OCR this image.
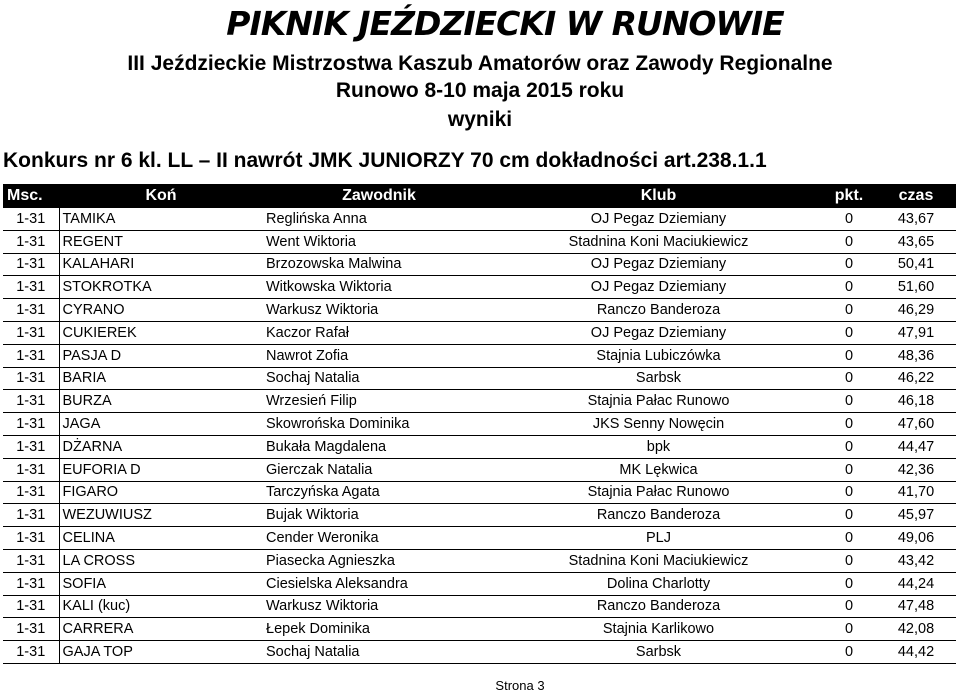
PIKNIK JEŹDZIECKI W RUNOWIE
III Jeździeckie Mistrzostwa Kaszub Amatorów oraz Zawody Regionalne
Runowo 8-10 maja 2015 roku
wyniki
Konkurs nr 6 kl. LL – II nawrót JMK JUNIORZY 70 cm dokładności art.238.1.1
Msc.	Koń	Zawodnik	Klub	pkt.	czas
1-31	TAMIKA	Reglińska Anna	OJ Pegaz Dziemiany	0	43,67
1-31	REGENT	Went Wiktoria	Stadnina Koni Maciukiewicz	0	43,65
1-31	KALAHARI	Brzozowska Malwina	OJ Pegaz Dziemiany	0	50,41
1-31	STOKROTKA	Witkowska Wiktoria	OJ Pegaz Dziemiany	0	51,60
1-31	CYRANO	Warkusz Wiktoria	Ranczo Banderoza	0	46,29
1-31	CUKIEREK	Kaczor Rafał	OJ Pegaz Dziemiany	0	47,91
1-31	PASJA D	Nawrot Zofia	Stajnia Lubiczówka	0	48,36
1-31	BARIA	Sochaj Natalia	Sarbsk	0	46,22
1-31	BURZA	Wrzesień Filip	Stajnia Pałac Runowo	0	46,18
1-31	JAGA	Skowrońska Dominika	JKS Senny Nowęcin	0	47,60
1-31	DŻARNA	Bukała Magdalena	bpk	0	44,47
1-31	EUFORIA D	Gierczak Natalia	MK Lękwica	0	42,36
1-31	FIGARO	Tarczyńska Agata	Stajnia Pałac Runowo	0	41,70
1-31	WEZUWIUSZ	Bujak Wiktoria	Ranczo Banderoza	0	45,97
1-31	CELINA	Cender Weronika	PLJ	0	49,06
1-31	LA CROSS	Piasecka Agnieszka	Stadnina Koni Maciukiewicz	0	43,42
1-31	SOFIA	Ciesielska Aleksandra	Dolina Charlotty	0	44,24
1-31	KALI (kuc)	Warkusz Wiktoria	Ranczo Banderoza	0	47,48
1-31	CARRERA	Łepek Dominika	Stajnia Karlikowo	0	42,08
1-31	GAJA TOP	Sochaj Natalia	Sarbsk	0	44,42
Strona 3
